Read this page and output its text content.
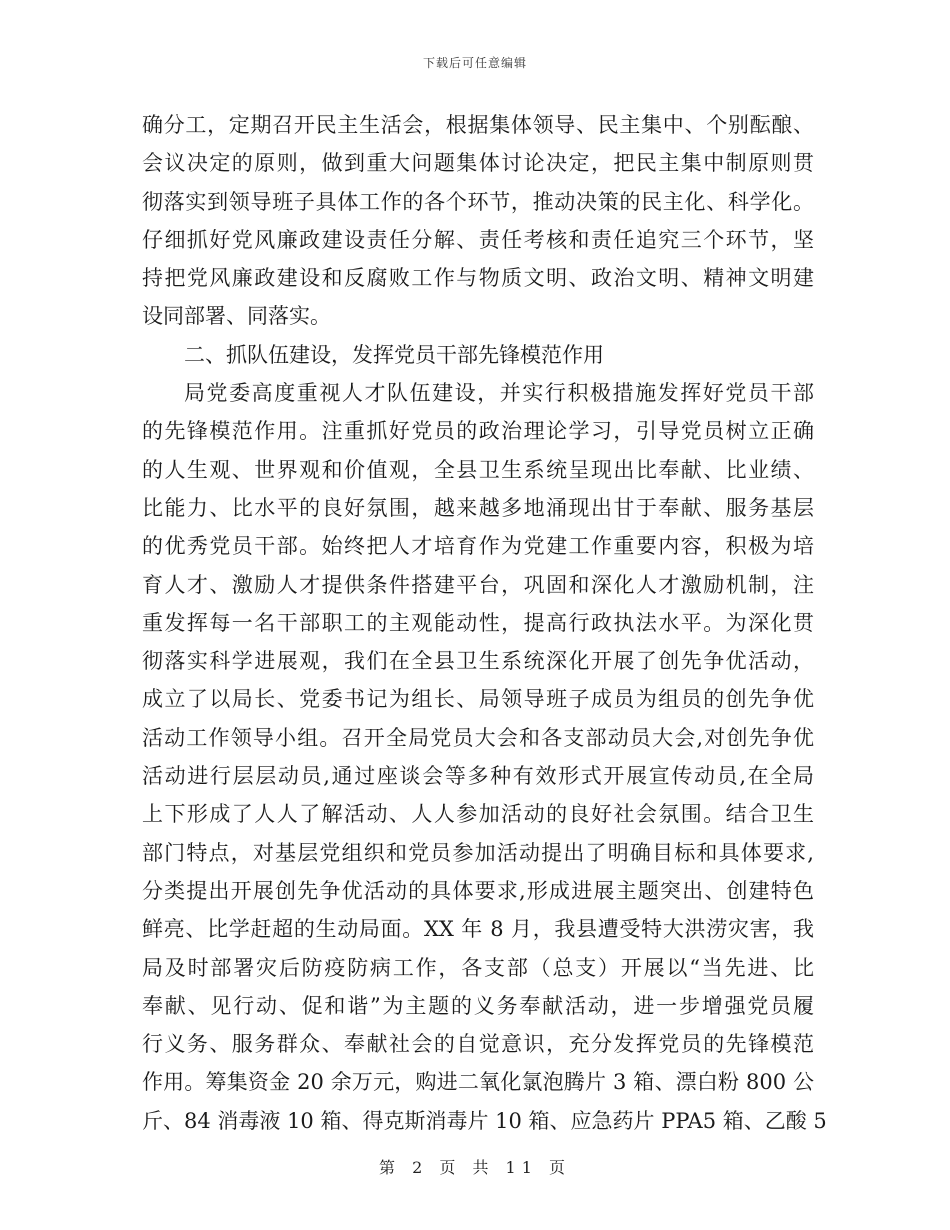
下载后可任意编辑
确分工，定期召开民主生活会，根据集体领导、民主集中、个别酝酿、
会议决定的原则，做到重大问题集体讨论决定，把民主集中制原则贯
彻落实到领导班子具体工作的各个环节，推动决策的民主化、科学化。
仔细抓好党风廉政建设责任分解、责任考核和责任追究三个环节，坚
持把党风廉政建设和反腐败工作与物质文明、政治文明、精神文明建
设同部署、同落实。
二、抓队伍建设，发挥党员干部先锋模范作用
局党委高度重视人才队伍建设，并实行积极措施发挥好党员干部
的先锋模范作用。注重抓好党员的政治理论学习，引导党员树立正确
的人生观、世界观和价值观，全县卫生系统呈现出比奉献、比业绩、
比能力、比水平的良好氛围，越来越多地涌现出甘于奉献、服务基层
的优秀党员干部。始终把人才培育作为党建工作重要内容，积极为培
育人才、激励人才提供条件搭建平台，巩固和深化人才激励机制，注
重发挥每一名干部职工的主观能动性，提高行政执法水平。为深化贯
彻落实科学进展观，我们在全县卫生系统深化开展了创先争优活动，
成立了以局长、党委书记为组长、局领导班子成员为组员的创先争优
活动工作领导小组。召开全局党员大会和各支部动员大会,对创先争优
活动进行层层动员,通过座谈会等多种有效形式开展宣传动员,在全局
上下形成了人人了解活动、人人参加活动的良好社会氛围。结合卫生
部门特点，对基层党组织和党员参加活动提出了明确目标和具体要求,
分类提出开展创先争优活动的具体要求,形成进展主题突出、创建特色
鲜亮、比学赶超的生动局面。XX 年 8 月，我县遭受特大洪涝灾害，我
局及时部署灾后防疫防病工作，各支部（总支）开展以“当先进、比
奉献、见行动、促和谐”为主题的义务奉献活动，进一步增强党员履
行义务、服务群众、奉献社会的自觉意识，充分发挥党员的先锋模范
作用。筹集资金 20 余万元，购进二氧化氯泡腾片 3 箱、漂白粉 800 公
斤、84 消毒液 10 箱、得克斯消毒片 10 箱、应急药片 PPA5 箱、乙酸 5
第 2 页 共 11 页
